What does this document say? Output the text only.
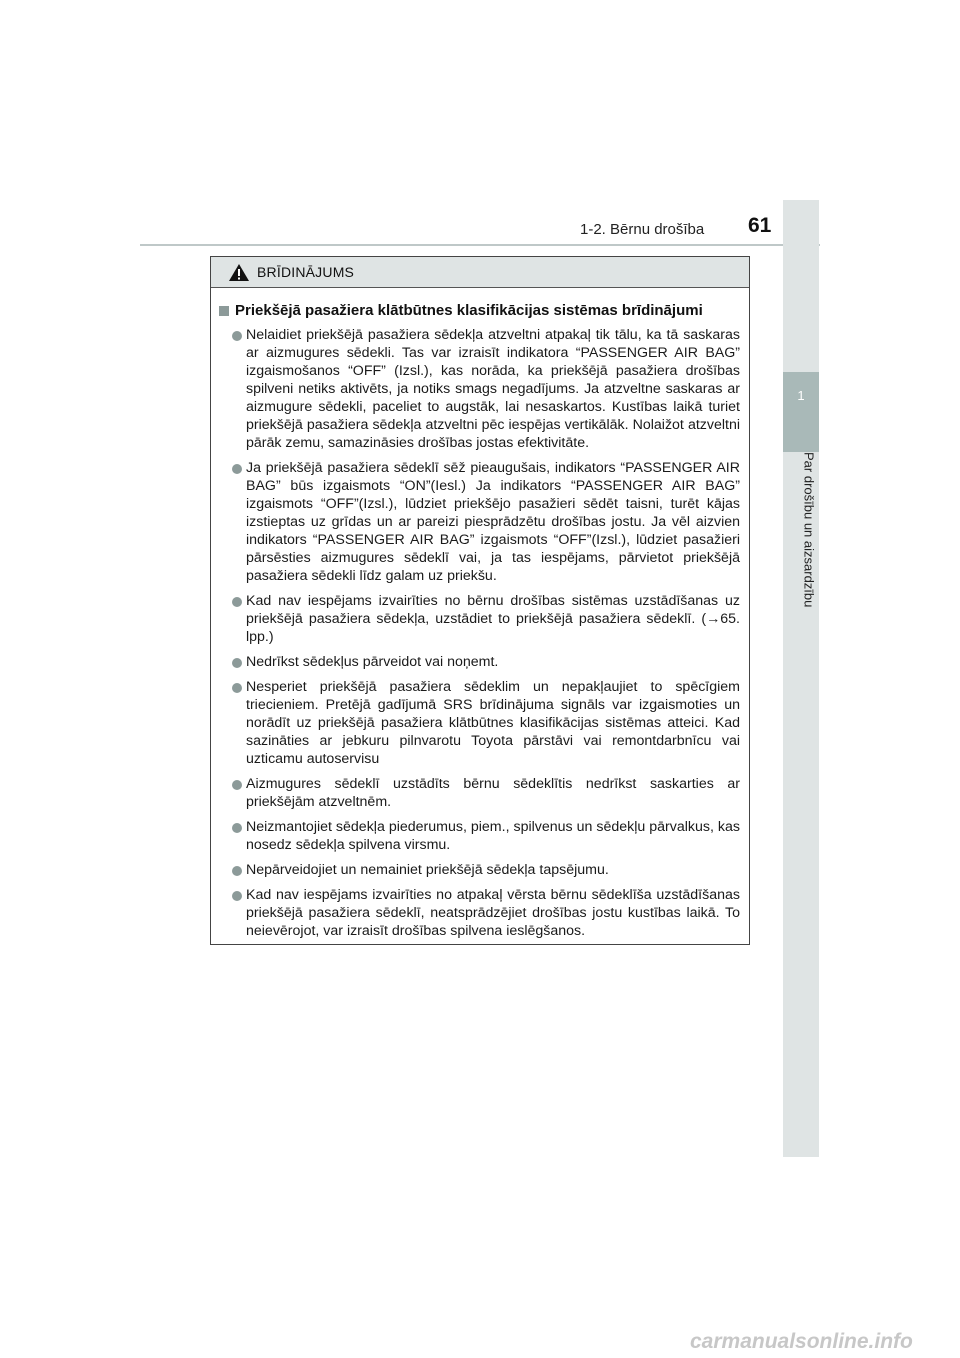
1-2. Bērnu drošība 61
1
Par drošību un aizsardzību
BRĪDINĀJUMS
Priekšējā pasažiera klātbūtnes klasifikācijas sistēmas brīdinājumi
Nelaidiet priekšējā pasažiera sēdekļa atzveltni atpakaļ tik tālu, ka tā saskaras ar aizmugures sēdekli. Tas var izraisīt indikatora “PASSENGER AIR BAG” izgaismošanos “OFF” (Izsl.), kas norāda, ka priekšējā pasažiera drošības spilveni netiks aktivēts, ja notiks smags negadījums. Ja atzveltne saskaras ar aizmugure sēdekli, paceliet to augstāk, lai nesaskartos. Kustības laikā turiet priekšējā pasažiera sēdekļa atzveltni pēc iespējas vertikālāk. Nolaižot atzveltni pārāk zemu, samazināsies drošības jostas efektivitāte.
Ja priekšējā pasažiera sēdeklī sēž pieaugušais, indikators “PASSENGER AIR BAG” būs izgaismots “ON”(Iesl.) Ja indikators “PASSENGER AIR BAG” izgaismots “OFF”(Izsl.), lūdziet priekšējo pasažieri sēdēt taisni, turēt kājas izstieptas uz grīdas un ar pareizi piesprādzētu drošības jostu. Ja vēl aizvien indikators “PASSENGER AIR BAG” izgaismots “OFF”(Izsl.), lūdziet pasažieri pārsēsties aizmugures sēdeklī vai, ja tas iespējams, pārvietot priekšējā pasažiera sēdekli līdz galam uz priekšu.
Kad nav iespējams izvairīties no bērnu drošības sistēmas uzstādīšanas uz priekšējā pasažiera sēdekļa, uzstādiet to priekšējā pasažiera sēdeklī. (→65. lpp.)
Nedrīkst sēdekļus pārveidot vai noņemt.
Nesperiet priekšējā pasažiera sēdeklim un nepakļaujiet to spēcīgiem triecieniem. Pretējā gadījumā SRS brīdinājuma signāls var izgaismoties un norādīt uz priekšējā pasažiera klātbūtnes klasifikācijas sistēmas atteici. Kad sazināties ar jebkuru pilnvarotu Toyota pārstāvi vai remontdarbnīcu vai uzticamu autoservisu
Aizmugures sēdeklī uzstādīts bērnu sēdeklītis nedrīkst saskarties ar priekšējām atzveltnēm.
Neizmantojiet sēdekļa piederumus, piem., spilvenus un sēdekļu pārvalkus, kas nosedz sēdekļa spilvena virsmu.
Nepārveidojiet un nemainiet priekšējā sēdekļa tapsējumu.
Kad nav iespējams izvairīties no atpakaļ vērsta bērnu sēdeklīša uzstādīšanas priekšējā pasažiera sēdeklī, neatsprādzējiet drošības jostu kustības laikā. To neievērojot, var izraisīt drošības spilvena ieslēgšanos.
carmanualsonline.info
